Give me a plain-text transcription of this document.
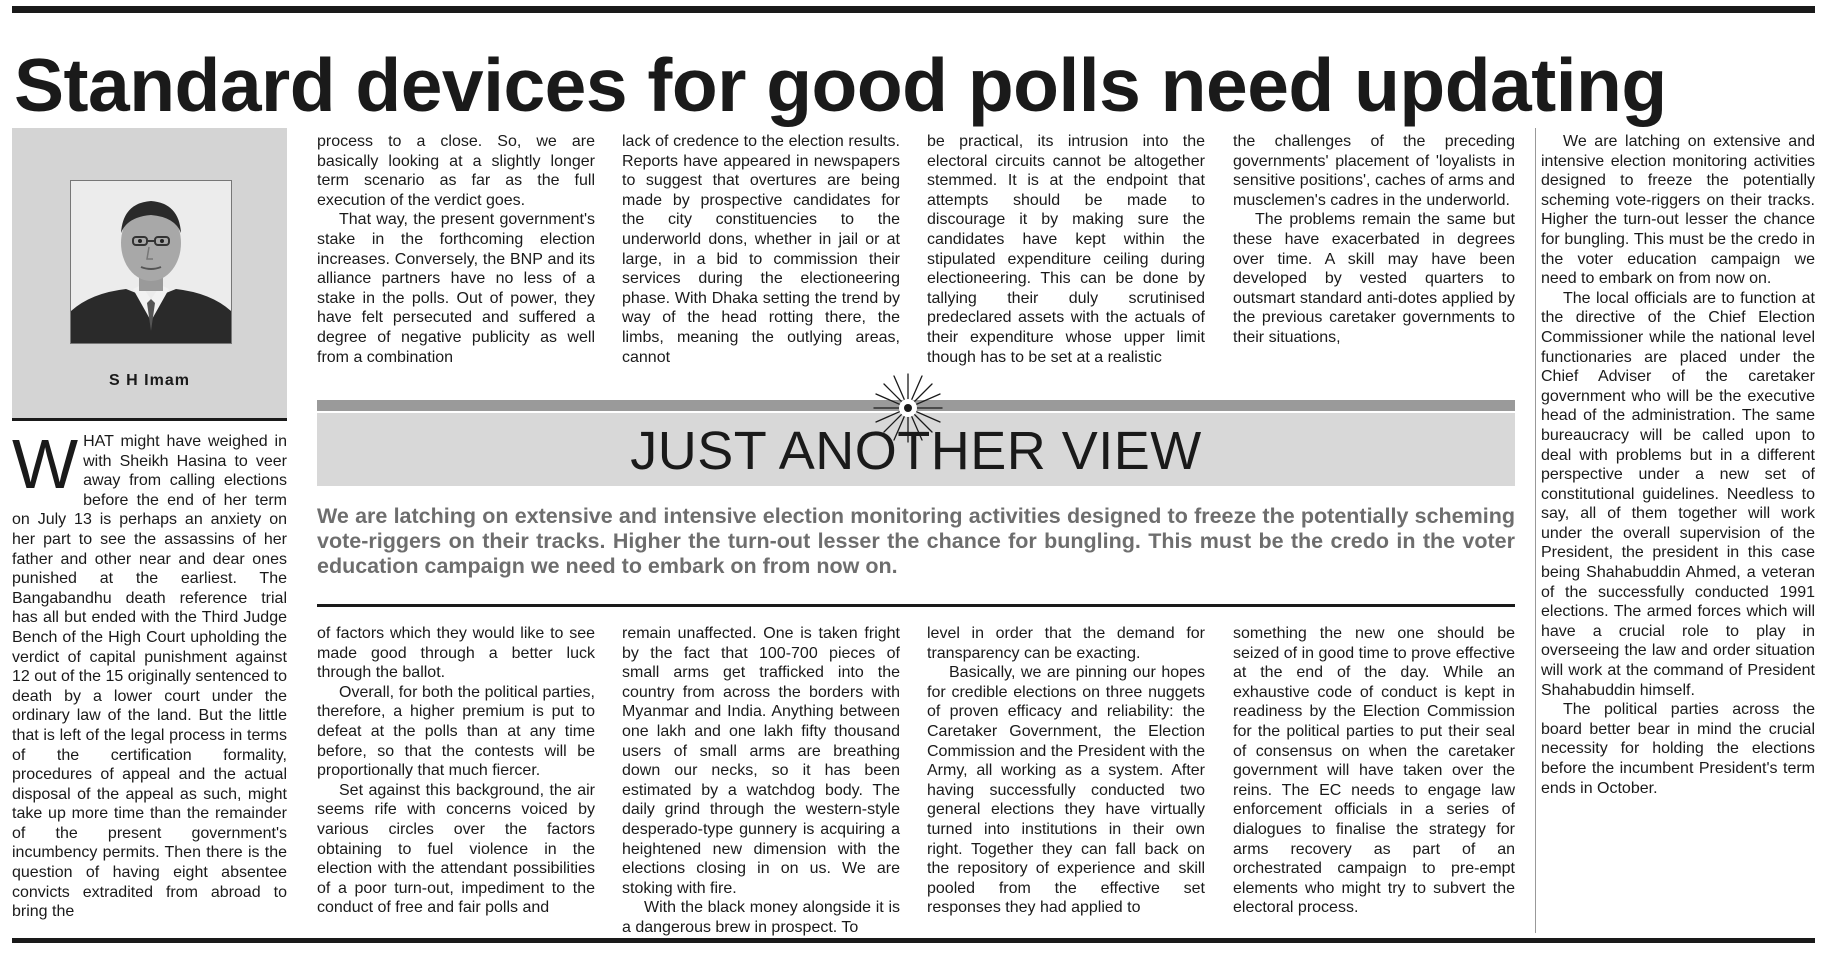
Standard devices for good polls need updating
S H Imam

WHAT might have weighed in with Sheikh Hasina to veer away from calling elections before the end of her term on July 13 is perhaps an anxiety on her part to see the assassins of her father and other near and dear ones punished at the earliest. The Bangabandhu death reference trial has all but ended with the Third Judge Bench of the High Court upholding the verdict of capital punishment against 12 out of the 15 originally sentenced to death by a lower court under the ordinary law of the land. But the little that is left of the legal process in terms of the certification formality, procedures of appeal and the actual disposal of the appeal as such, might take up more time than the remainder of the present government's incumbency permits. Then there is the question of having eight absentee convicts extradited from abroad to bring the

process to a close. So, we are basically looking at a slightly longer term scenario as far as the full execution of the verdict goes.

That way, the present government's stake in the forthcoming election increases. Conversely, the BNP and its alliance partners have no less of a stake in the polls. Out of power, they have felt persecuted and suffered a degree of negative publicity as well from a combination

lack of credence to the election results. Reports have appeared in newspapers to suggest that overtures are being made by prospective candidates for the city constituencies to the underworld dons, whether in jail or at large, in a bid to commission their services during the electioneering phase. With Dhaka setting the trend by way of the head rotting there, the limbs, meaning the outlying areas, cannot

be practical, its intrusion into the electoral circuits cannot be altogether stemmed. It is at the endpoint that attempts should be made to discourage it by making sure the candidates have kept within the stipulated expenditure ceiling during electioneering. This can be done by tallying their duly scrutinised predeclared assets with the actuals of their expenditure whose upper limit though has to be set at a realistic

the challenges of the preceding governments' placement of 'loyalists in sensitive positions', caches of arms and musclemen's cadres in the underworld.

The problems remain the same but these have exacerbated in degrees over time. A skill may have been developed by vested quarters to outsmart standard anti-dotes applied by the previous caretaker governments to their situations,

JUST ANOTHER VIEW
We are latching on extensive and intensive election monitoring activities designed to freeze the potentially scheming vote-riggers on their tracks. Higher the turn-out lesser the chance for bungling. This must be the credo in the voter education campaign we need to embark on from now on.

of factors which they would like to see made good through a better luck through the ballot.

Overall, for both the political parties, therefore, a higher premium is put to defeat at the polls than at any time before, so that the contests will be proportionally that much fiercer.

Set against this background, the air seems rife with concerns voiced by various circles over the factors obtaining to fuel violence in the election with the attendant possibilities of a poor turn-out, impediment to the conduct of free and fair polls and

remain unaffected. One is taken fright by the fact that 100-700 pieces of small arms get trafficked into the country from across the borders with Myanmar and India. Anything between one lakh and one lakh fifty thousand users of small arms are breathing down our necks, so it has been estimated by a watchdog body. The daily grind through the western-style desperado-type gunnery is acquiring a heightened new dimension with the elections closing in on us. We are stoking with fire.

With the black money alongside it is a dangerous brew in prospect. To

level in order that the demand for transparency can be exacting.

Basically, we are pinning our hopes for credible elections on three nuggets of proven efficacy and reliability: the Caretaker Government, the Election Commission and the President with the Army, all working as a system. After having successfully conducted two general elections they have virtually turned into institutions in their own right. Together they can fall back on the repository of experience and skill pooled from the effective set responses they had applied to

something the new one should be seized of in good time to prove effective at the end of the day. While an exhaustive code of conduct is kept in readiness by the Election Commission for the political parties to put their seal of consensus on when the caretaker government will have taken over the reins. The EC needs to engage law enforcement officials in a series of dialogues to finalise the strategy for arms recovery as part of an orchestrated campaign to pre-empt elements who might try to subvert the electoral process.

We are latching on extensive and intensive election monitoring activities designed to freeze the potentially scheming vote-riggers on their tracks. Higher the turn-out lesser the chance for bungling. This must be the credo in the voter education campaign we need to embark on from now on.

The local officials are to function at the directive of the Chief Election Commissioner while the national level functionaries are placed under the Chief Adviser of the caretaker government who will be the executive head of the administration. The same bureaucracy will be called upon to deal with problems but in a different perspective under a new set of constitutional guidelines. Needless to say, all of them together will work under the overall supervision of the President, the president in this case being Shahabuddin Ahmed, a veteran of the successfully conducted 1991 elections. The armed forces which will have a crucial role to play in overseeing the law and order situation will work at the command of President Shahabuddin himself.

The political parties across the board better bear in mind the crucial necessity for holding the elections before the incumbent President's term ends in October.
